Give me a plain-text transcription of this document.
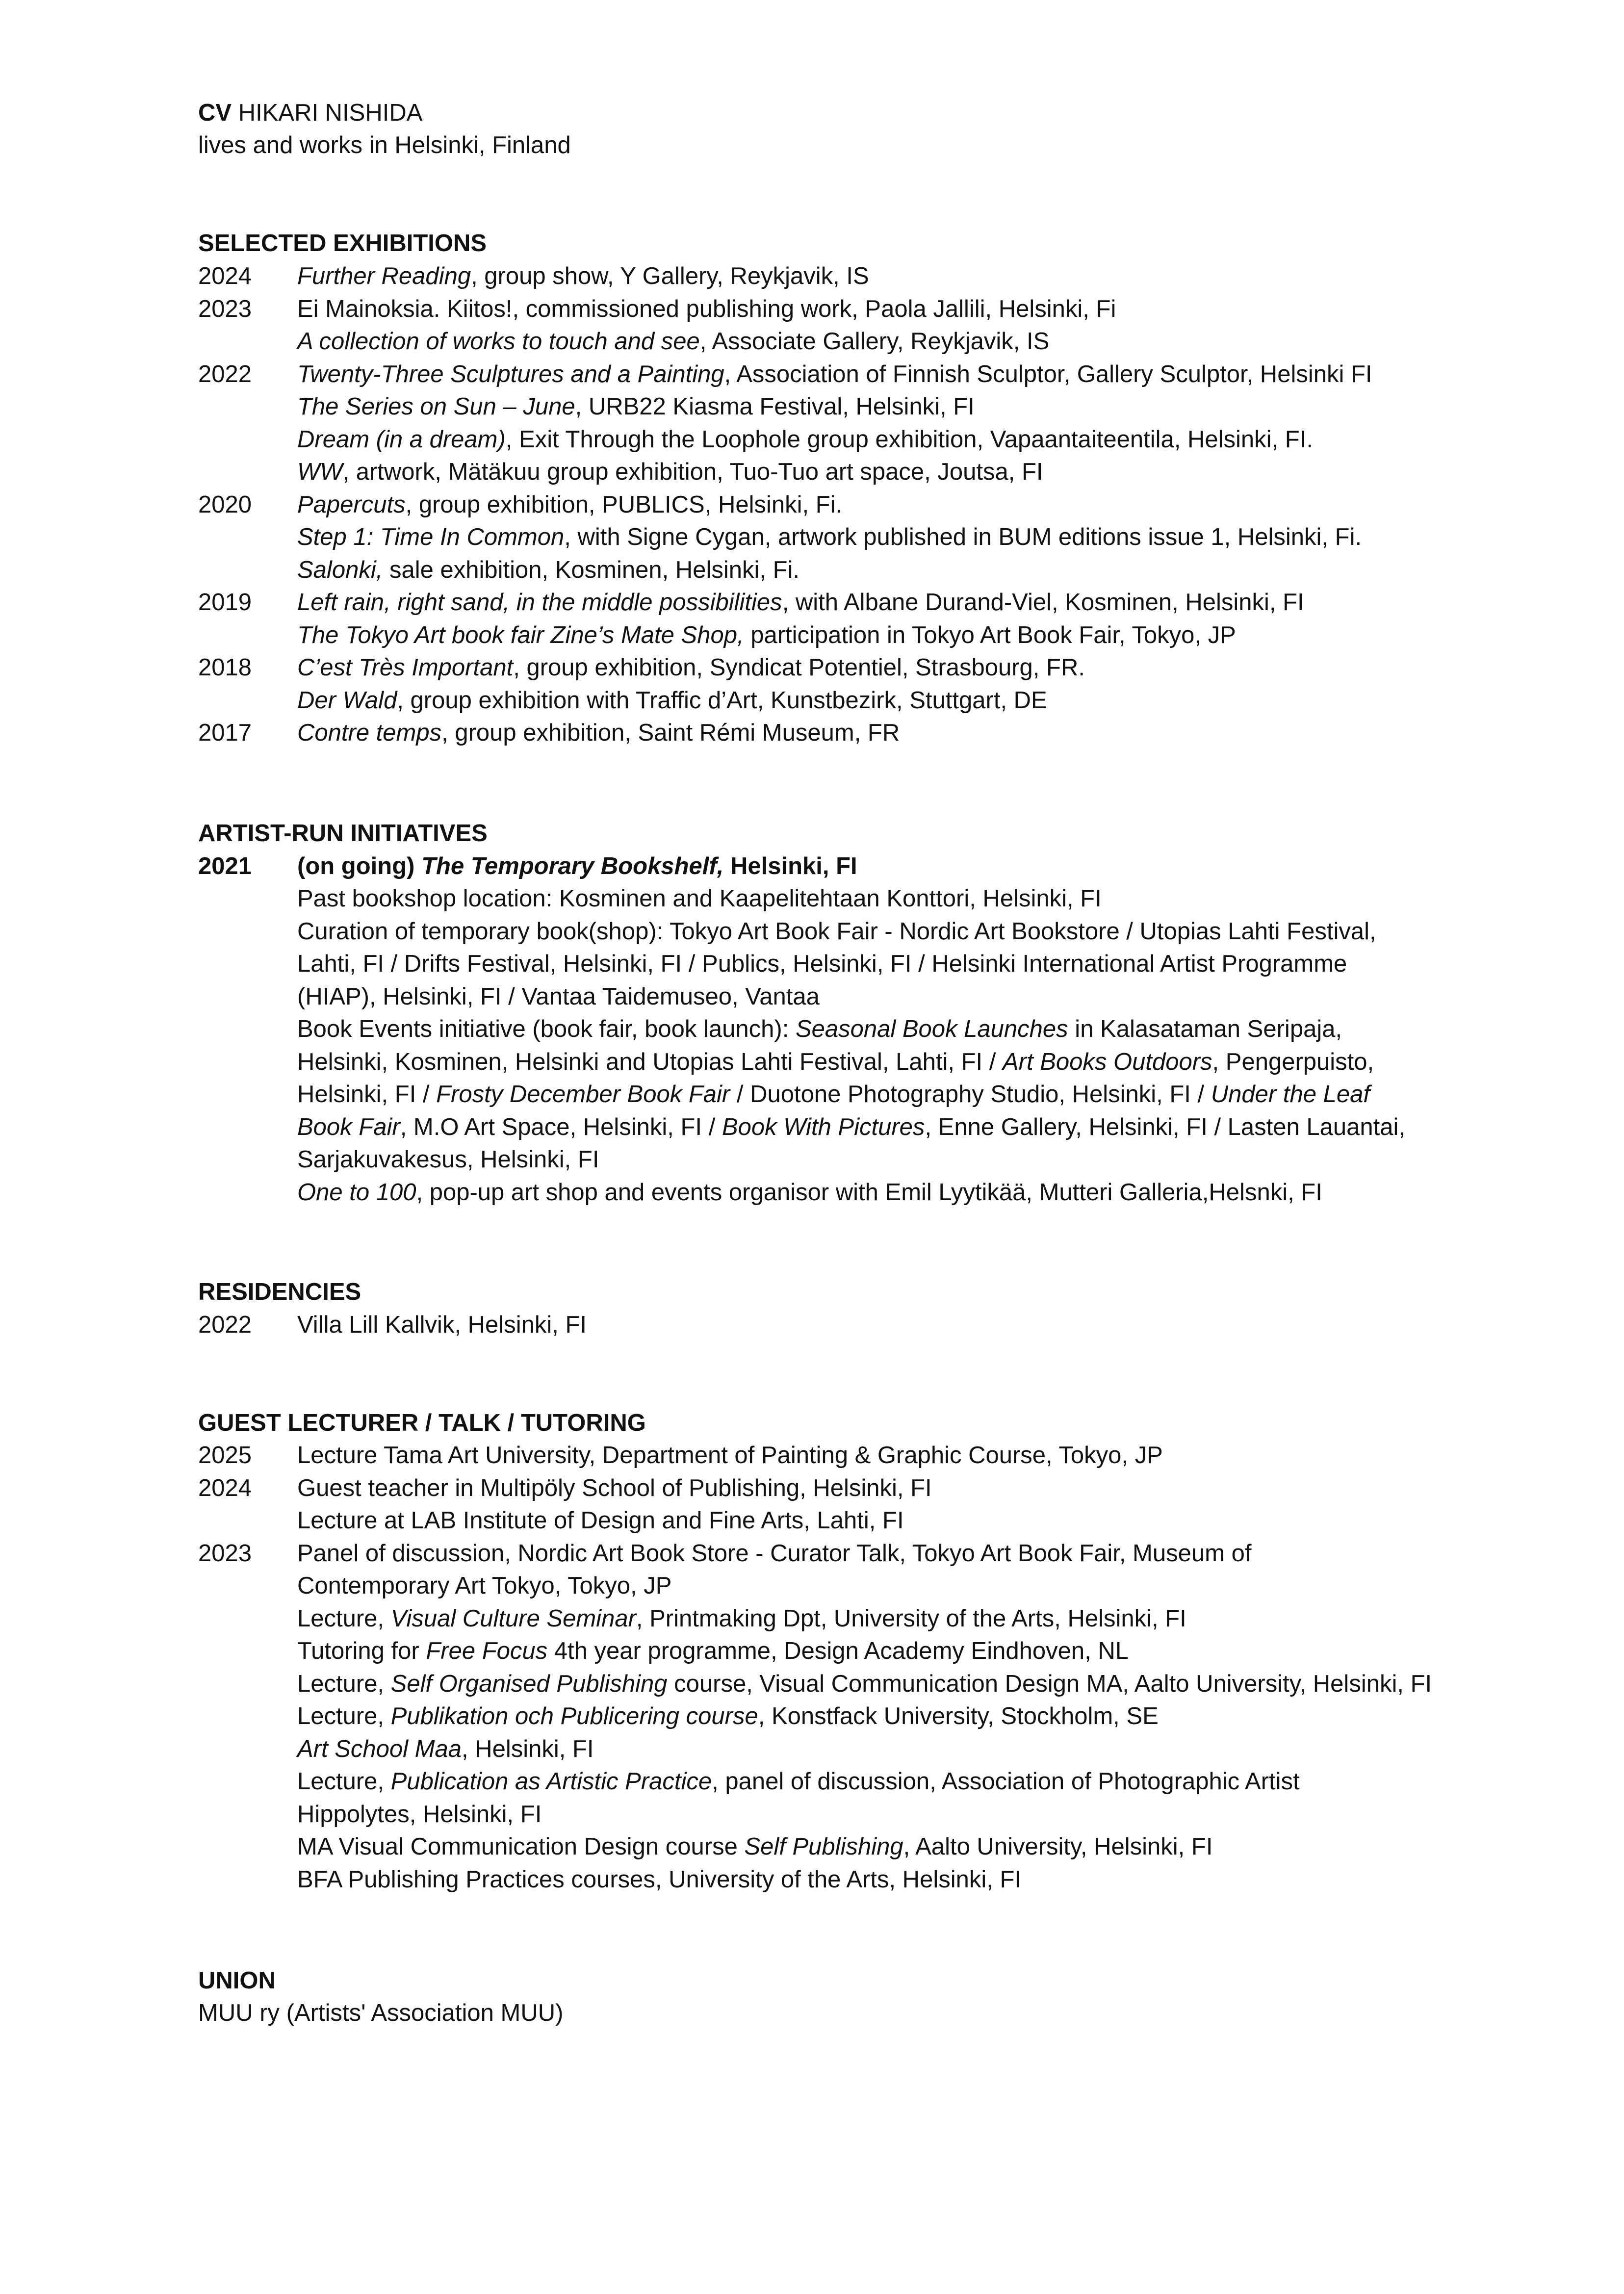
CV HIKARI NISHIDA
lives and works in Helsinki, Finland
SELECTED EXHIBITIONS
2024 Further Reading, group show, Y Gallery, Reykjavik, IS
2023 Ei Mainoksia. Kiitos!, commissioned publishing work, Paola Jallili, Helsinki, Fi
A collection of works to touch and see, Associate Gallery, Reykjavik, IS
2022 Twenty-Three Sculptures and a Painting, Association of Finnish Sculptor, Gallery Sculptor, Helsinki FI
The Series on Sun – June, URB22 Kiasma Festival, Helsinki, FI
Dream (in a dream), Exit Through the Loophole group exhibition, Vapaantaiteentila, Helsinki, FI.
WW, artwork, Mätäkuu group exhibition, Tuo-Tuo art space, Joutsa, FI
2020 Papercuts, group exhibition, PUBLICS, Helsinki, Fi.
Step 1: Time In Common, with Signe Cygan, artwork published in BUM editions issue 1, Helsinki, Fi.
Salonki, sale exhibition, Kosminen, Helsinki, Fi.
2019 Left rain, right sand, in the middle possibilities, with Albane Durand-Viel, Kosminen, Helsinki, FI
The Tokyo Art book fair Zine’s Mate Shop, participation in Tokyo Art Book Fair, Tokyo, JP
2018 C’est Très Important, group exhibition, Syndicat Potentiel, Strasbourg, FR.
Der Wald, group exhibition with Traffic d’Art, Kunstbezirk, Stuttgart, DE
2017 Contre temps, group exhibition, Saint Rémi Museum, FR
ARTIST-RUN INITIATIVES
2021 (on going) The Temporary Bookshelf, Helsinki, FI
Past bookshop location: Kosminen and Kaapelitehtaan Konttori, Helsinki, FI
Curation of temporary book(shop): Tokyo Art Book Fair - Nordic Art Bookstore / Utopias Lahti Festival,
Lahti, FI / Drifts Festival, Helsinki, FI / Publics, Helsinki, FI / Helsinki International Artist Programme
(HIAP), Helsinki, FI / Vantaa Taidemuseo, Vantaa
Book Events initiative (book fair, book launch): Seasonal Book Launches in Kalasataman Seripaja,
Helsinki, Kosminen, Helsinki and Utopias Lahti Festival, Lahti, FI / Art Books Outdoors, Pengerpuisto,
Helsinki, FI / Frosty December Book Fair / Duotone Photography Studio, Helsinki, FI / Under the Leaf
Book Fair, M.O Art Space, Helsinki, FI / Book With Pictures, Enne Gallery, Helsinki, FI / Lasten Lauantai,
Sarjakuvakesus, Helsinki, FI
One to 100, pop-up art shop and events organisor with Emil Lyytikää, Mutteri Galleria,Helsnki, FI
RESIDENCIES
2022 Villa Lill Kallvik, Helsinki, FI
GUEST LECTURER / TALK / TUTORING
2025 Lecture Tama Art University, Department of Painting & Graphic Course, Tokyo, JP
2024 Guest teacher in Multipöly School of Publishing, Helsinki, FI
Lecture at LAB Institute of Design and Fine Arts, Lahti, FI
2023 Panel of discussion, Nordic Art Book Store - Curator Talk, Tokyo Art Book Fair, Museum of
Contemporary Art Tokyo, Tokyo, JP
Lecture, Visual Culture Seminar, Printmaking Dpt, University of the Arts, Helsinki, FI
Tutoring for Free Focus 4th year programme, Design Academy Eindhoven, NL
Lecture, Self Organised Publishing course, Visual Communication Design MA, Aalto University, Helsinki, FI
Lecture, Publikation och Publicering course, Konstfack University, Stockholm, SE
Art School Maa, Helsinki, FI
Lecture, Publication as Artistic Practice, panel of discussion, Association of Photographic Artist
Hippolytes, Helsinki, FI
MA Visual Communication Design course Self Publishing, Aalto University, Helsinki, FI
BFA Publishing Practices courses, University of the Arts, Helsinki, FI
UNION
MUU ry (Artists' Association MUU)
